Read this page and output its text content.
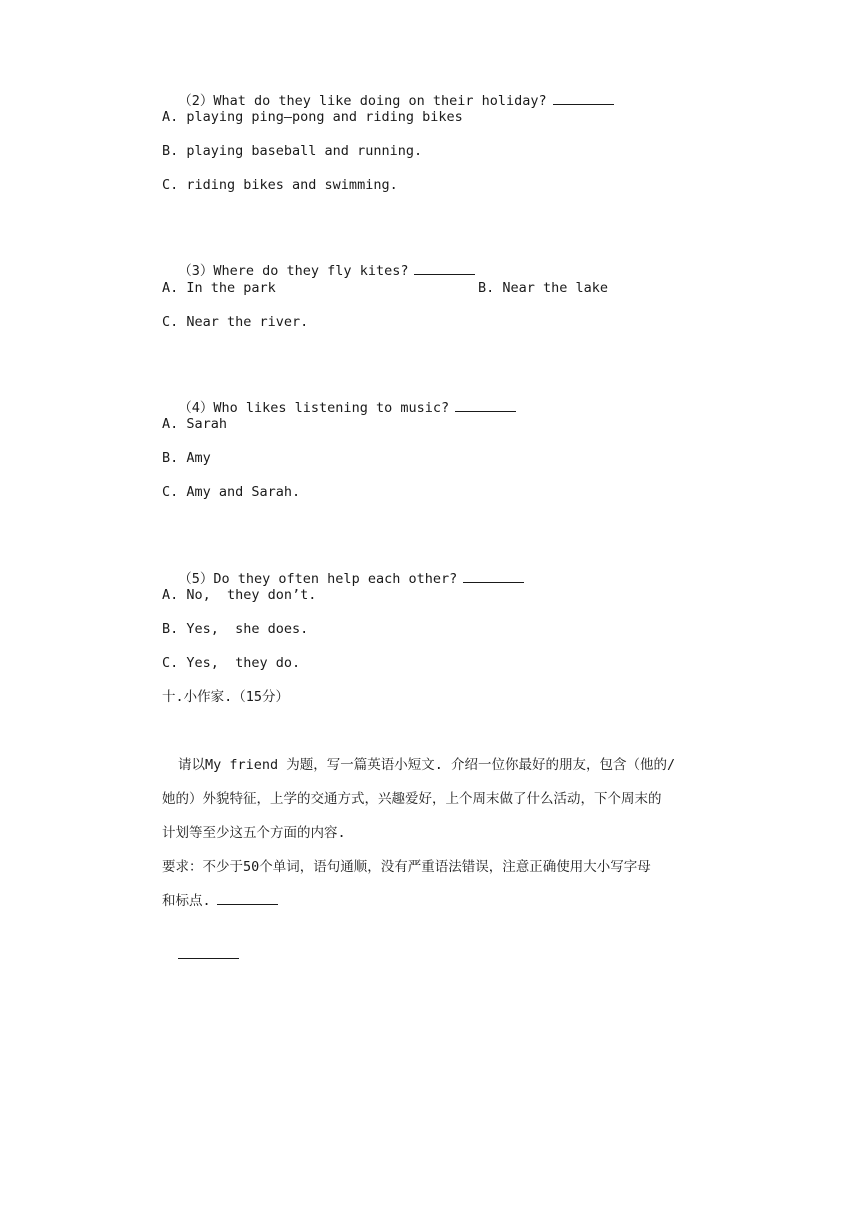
（2）What do they like doing on their holiday?

A. playing ping–pong and riding bikes
B. playing baseball and running.
C. riding bikes and swimming.

（3）Where do they fly kites?

A. In the park	B. Near the lake
C. Near the river.

（4）Who likes listening to music?

A. Sarah
B. Amy
C. Amy and Sarah.

（5）Do they often help each other?

A. No,  they don’t.
B. Yes,  she does.
C. Yes,  they do.
十.小作家.（15分）
请以My friend 为题，写一篇英语小短文. 介绍一位你最好的朋友，包含（他的/
她的）外貌特征，上学的交通方式，兴趣爱好，上个周末做了什么活动，下个周末的
计划等至少这五个方面的内容.
要求：不少于50个单词，语句通顺，没有严重语法错误，注意正确使用大小写字母
和标点.
